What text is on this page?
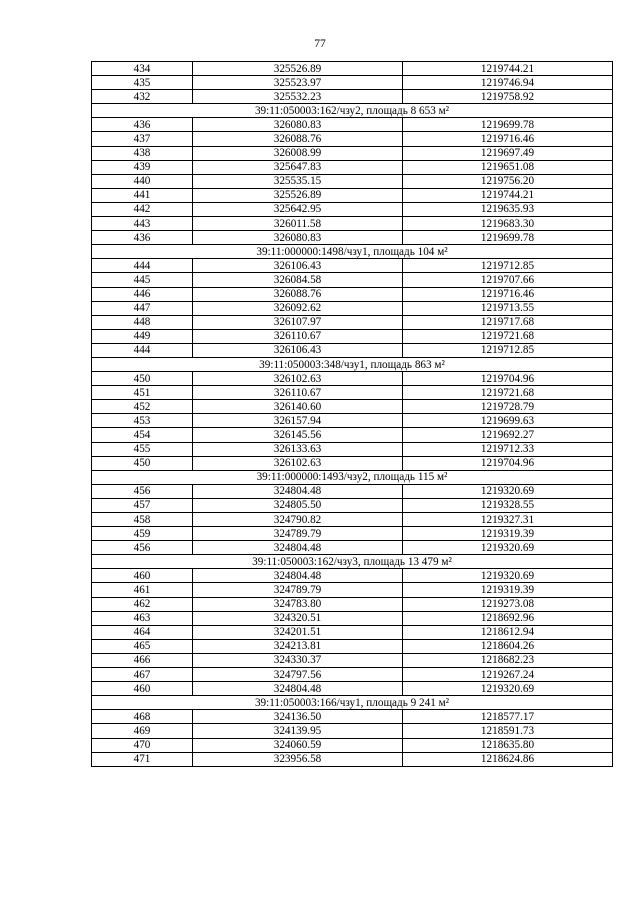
77
434	325526.89	1219744.21
435	325523.97	1219746.94
432	325532.23	1219758.92
39:11:050003:162/чзу2, площадь 8 653 м²		
436	326080.83	1219699.78
437	326088.76	1219716.46
438	326008.99	1219697.49
439	325647.83	1219651.08
440	325535.15	1219756.20
441	325526.89	1219744.21
442	325642.95	1219635.93
443	326011.58	1219683.30
436	326080.83	1219699.78
39:11:000000:1498/чзу1, площадь 104 м²		
444	326106.43	1219712.85
445	326084.58	1219707.66
446	326088.76	1219716.46
447	326092.62	1219713.55
448	326107.97	1219717.68
449	326110.67	1219721.68
444	326106.43	1219712.85
39:11:050003:348/чзу1, площадь 863 м²		
450	326102.63	1219704.96
451	326110.67	1219721.68
452	326140.60	1219728.79
453	326157.94	1219699.63
454	326145.56	1219692.27
455	326133.63	1219712.33
450	326102.63	1219704.96
39:11:000000:1493/чзу2, площадь 115 м²		
456	324804.48	1219320.69
457	324805.50	1219328.55
458	324790.82	1219327.31
459	324789.79	1219319.39
456	324804.48	1219320.69
39:11:050003:162/чзу3, площадь 13 479 м²		
460	324804.48	1219320.69
461	324789.79	1219319.39
462	324783.80	1219273.08
463	324320.51	1218692.96
464	324201.51	1218612.94
465	324213.81	1218604.26
466	324330.37	1218682.23
467	324797.56	1219267.24
460	324804.48	1219320.69
39:11:050003:166/чзу1, площадь 9 241 м²		
468	324136.50	1218577.17
469	324139.95	1218591.73
470	324060.59	1218635.80
471	323956.58	1218624.86
